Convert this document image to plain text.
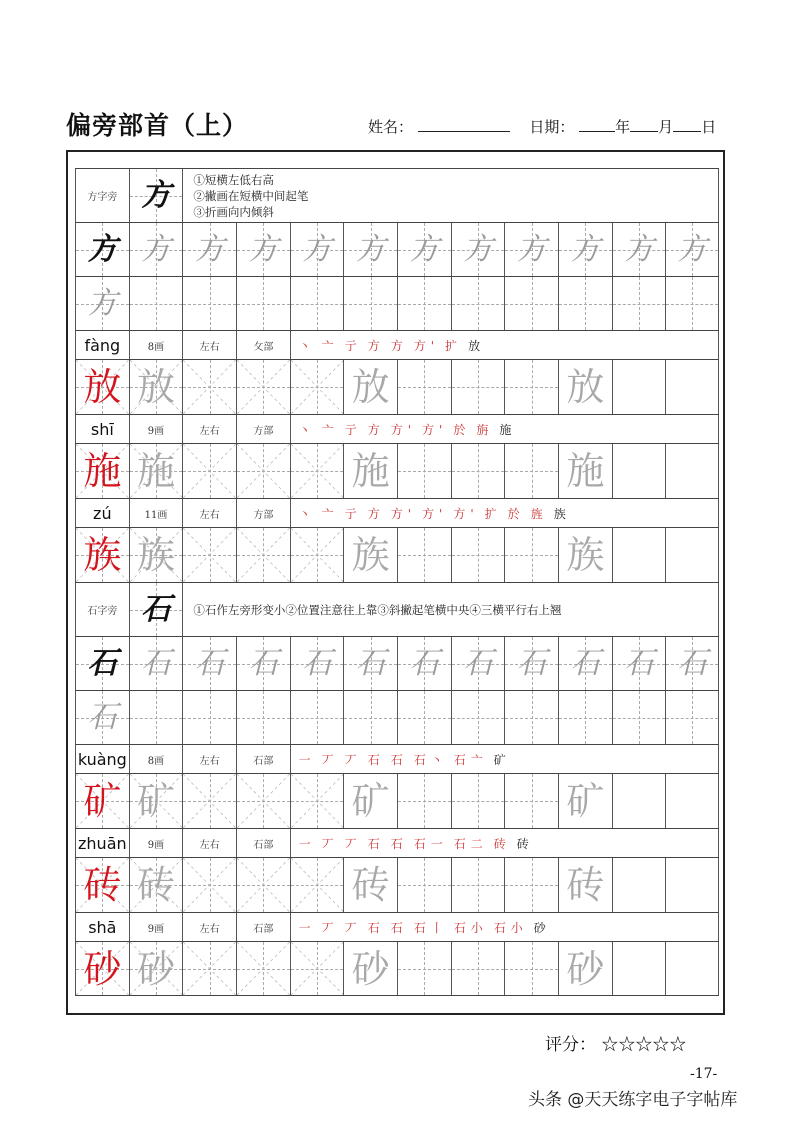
偏旁部首（上）	姓名：	日期：	年 月 日
方字旁 方 ①短横左低右高
②撇画在短横中间起笔
③折画向内倾斜
方 方 方 方 方 方 方 方 方 方 方 方
方
fàng	8画	左右	攵部 丶 亠 亍 方 方 方' 扩 放
放 放	放	放
shī	9画	左右	方部 丶 亠 亍 方 方' 方' 於 旃 施
施 施	施	施
zú	11画	左右	方部 丶 亠 亍 方 方' 方' 方' 扩 於 旌 族
族 族	族	族
石字旁 石 ①石作左旁形变小②位置注意往上靠③斜撇起笔横中央④三横平行右上翘
石 石 石 石 石 石 石 石 石 石 石 石
石
kuàng 8画	左右	石部 一 丆 丆 石 石 石丶 石亠 矿
矿 矿	矿	矿
zhuān 9画	左右	石部 一 丆 丆 石 石 石一 石二 砖 砖
砖 砖	砖	砖
shā	9画	左右	石部 一 丆 丆 石 石 石丨 石小 石小 砂
砂 砂	砂	砂
评分： ☆☆☆☆☆
-17-
头条 @天天练字电子字帖库
